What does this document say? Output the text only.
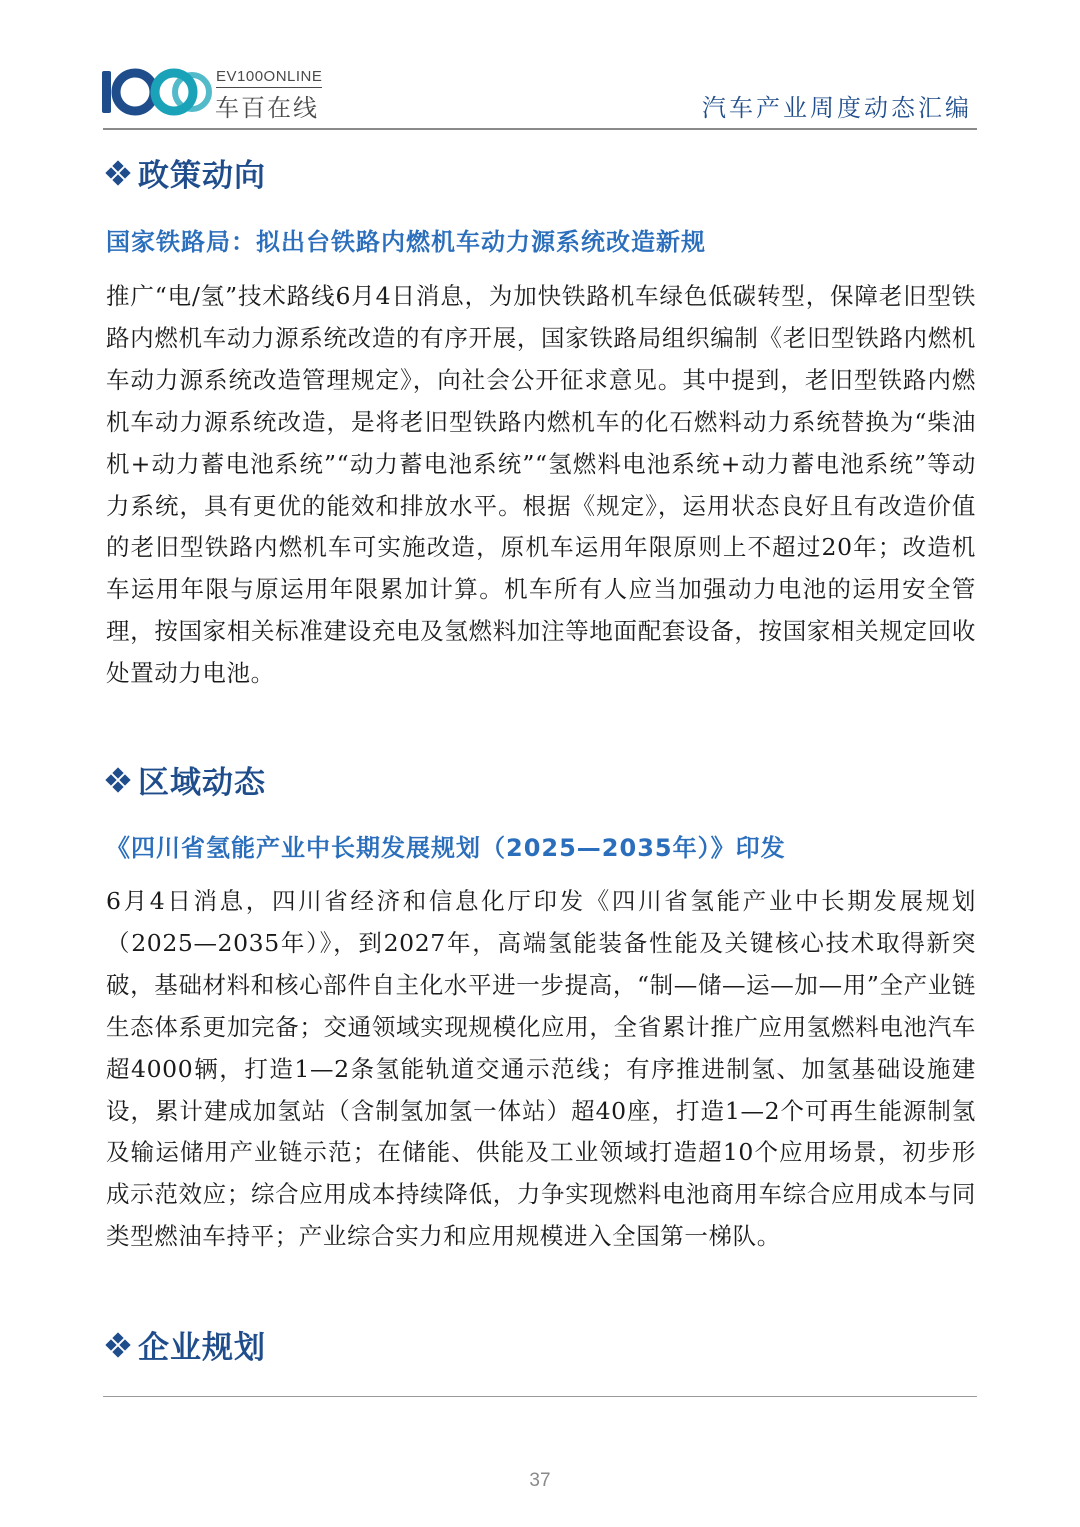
EV100ONLINE
车百在线	汽车产业周度动态汇编
政策动向
国家铁路局：拟出台铁路内燃机车动力源系统改造新规

推广“电/氢”技术路线6月4日消息，为加快铁路机车绿色低碳转型，保障老旧型铁路内燃机车动力源系统改造的有序开展，国家铁路局组织编制《老旧型铁路内燃机车动力源系统改造管理规定》，向社会公开征求意见。其中提到，老旧型铁路内燃机车动力源系统改造，是将老旧型铁路内燃机车的化石燃料动力系统替换为“柴油机+动力蓄电池系统”“动力蓄电池系统”“氢燃料电池系统+动力蓄电池系统”等动力系统，具有更优的能效和排放水平。根据《规定》，运用状态良好且有改造价值的老旧型铁路内燃机车可实施改造，原机车运用年限原则上不超过20年；改造机车运用年限与原运用年限累加计算。机车所有人应当加强动力电池的运用安全管理，按国家相关标准建设充电及氢燃料加注等地面配套设备，按国家相关规定回收处置动力电池。

区域动态
《四川省氢能产业中长期发展规划（2025—2035年）》印发

6月4日消息，四川省经济和信息化厅印发《四川省氢能产业中长期发展规划（2025—2035年）》，到2027年，高端氢能装备性能及关键核心技术取得新突破，基础材料和核心部件自主化水平进一步提高，“制—储—运—加—用”全产业链生态体系更加完备；交通领域实现规模化应用，全省累计推广应用氢燃料电池汽车超4000辆，打造1—2条氢能轨道交通示范线；有序推进制氢、加氢基础设施建设，累计建成加氢站（含制氢加氢一体站）超40座，打造1—2个可再生能源制氢及输运储用产业链示范；在储能、供能及工业领域打造超10个应用场景，初步形成示范效应；综合应用成本持续降低，力争实现燃料电池商用车综合应用成本与同类型燃油车持平；产业综合实力和应用规模进入全国第一梯队。

企业规划
37
